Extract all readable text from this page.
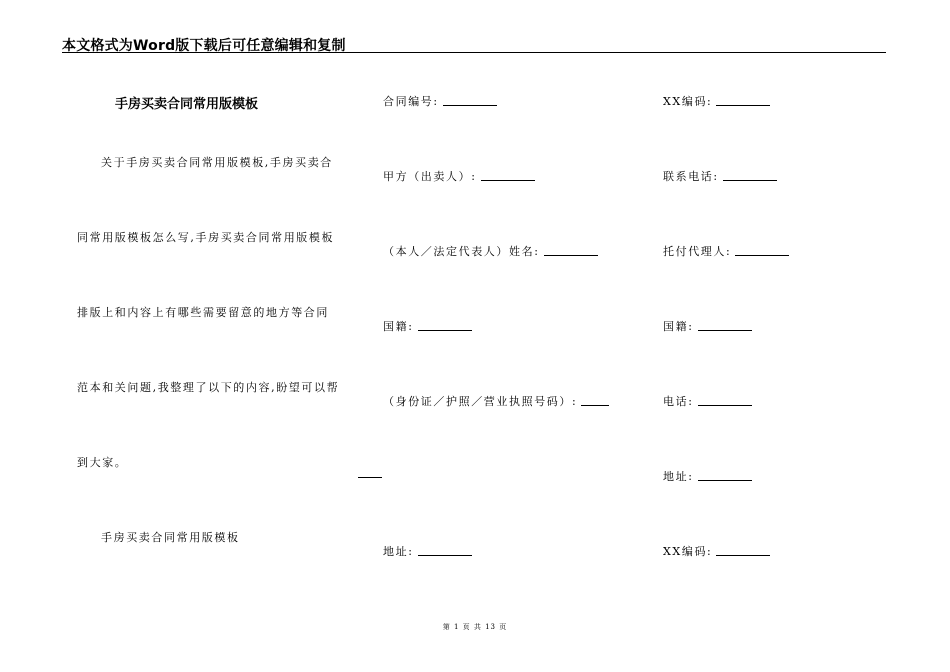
本文格式为Word版下载后可任意编辑和复制
手房买卖合同常用版模板
关于手房买卖合同常用版模板,手房买卖合
同常用版模板怎么写,手房买卖合同常用版模板
排版上和内容上有哪些需要留意的地方等合同
范本和关问题,我整理了以下的内容,盼望可以帮
到大家。
手房买卖合同常用版模板
合同编号:
甲方（出卖人）:
（本人／法定代表人）姓名:
国籍:
（身份证／护照／营业执照号码）:
地址:
XX编码:
联系电话:
托付代理人:
国籍:
电话:
地址:
XX编码:
第 1 页 共 13 页
